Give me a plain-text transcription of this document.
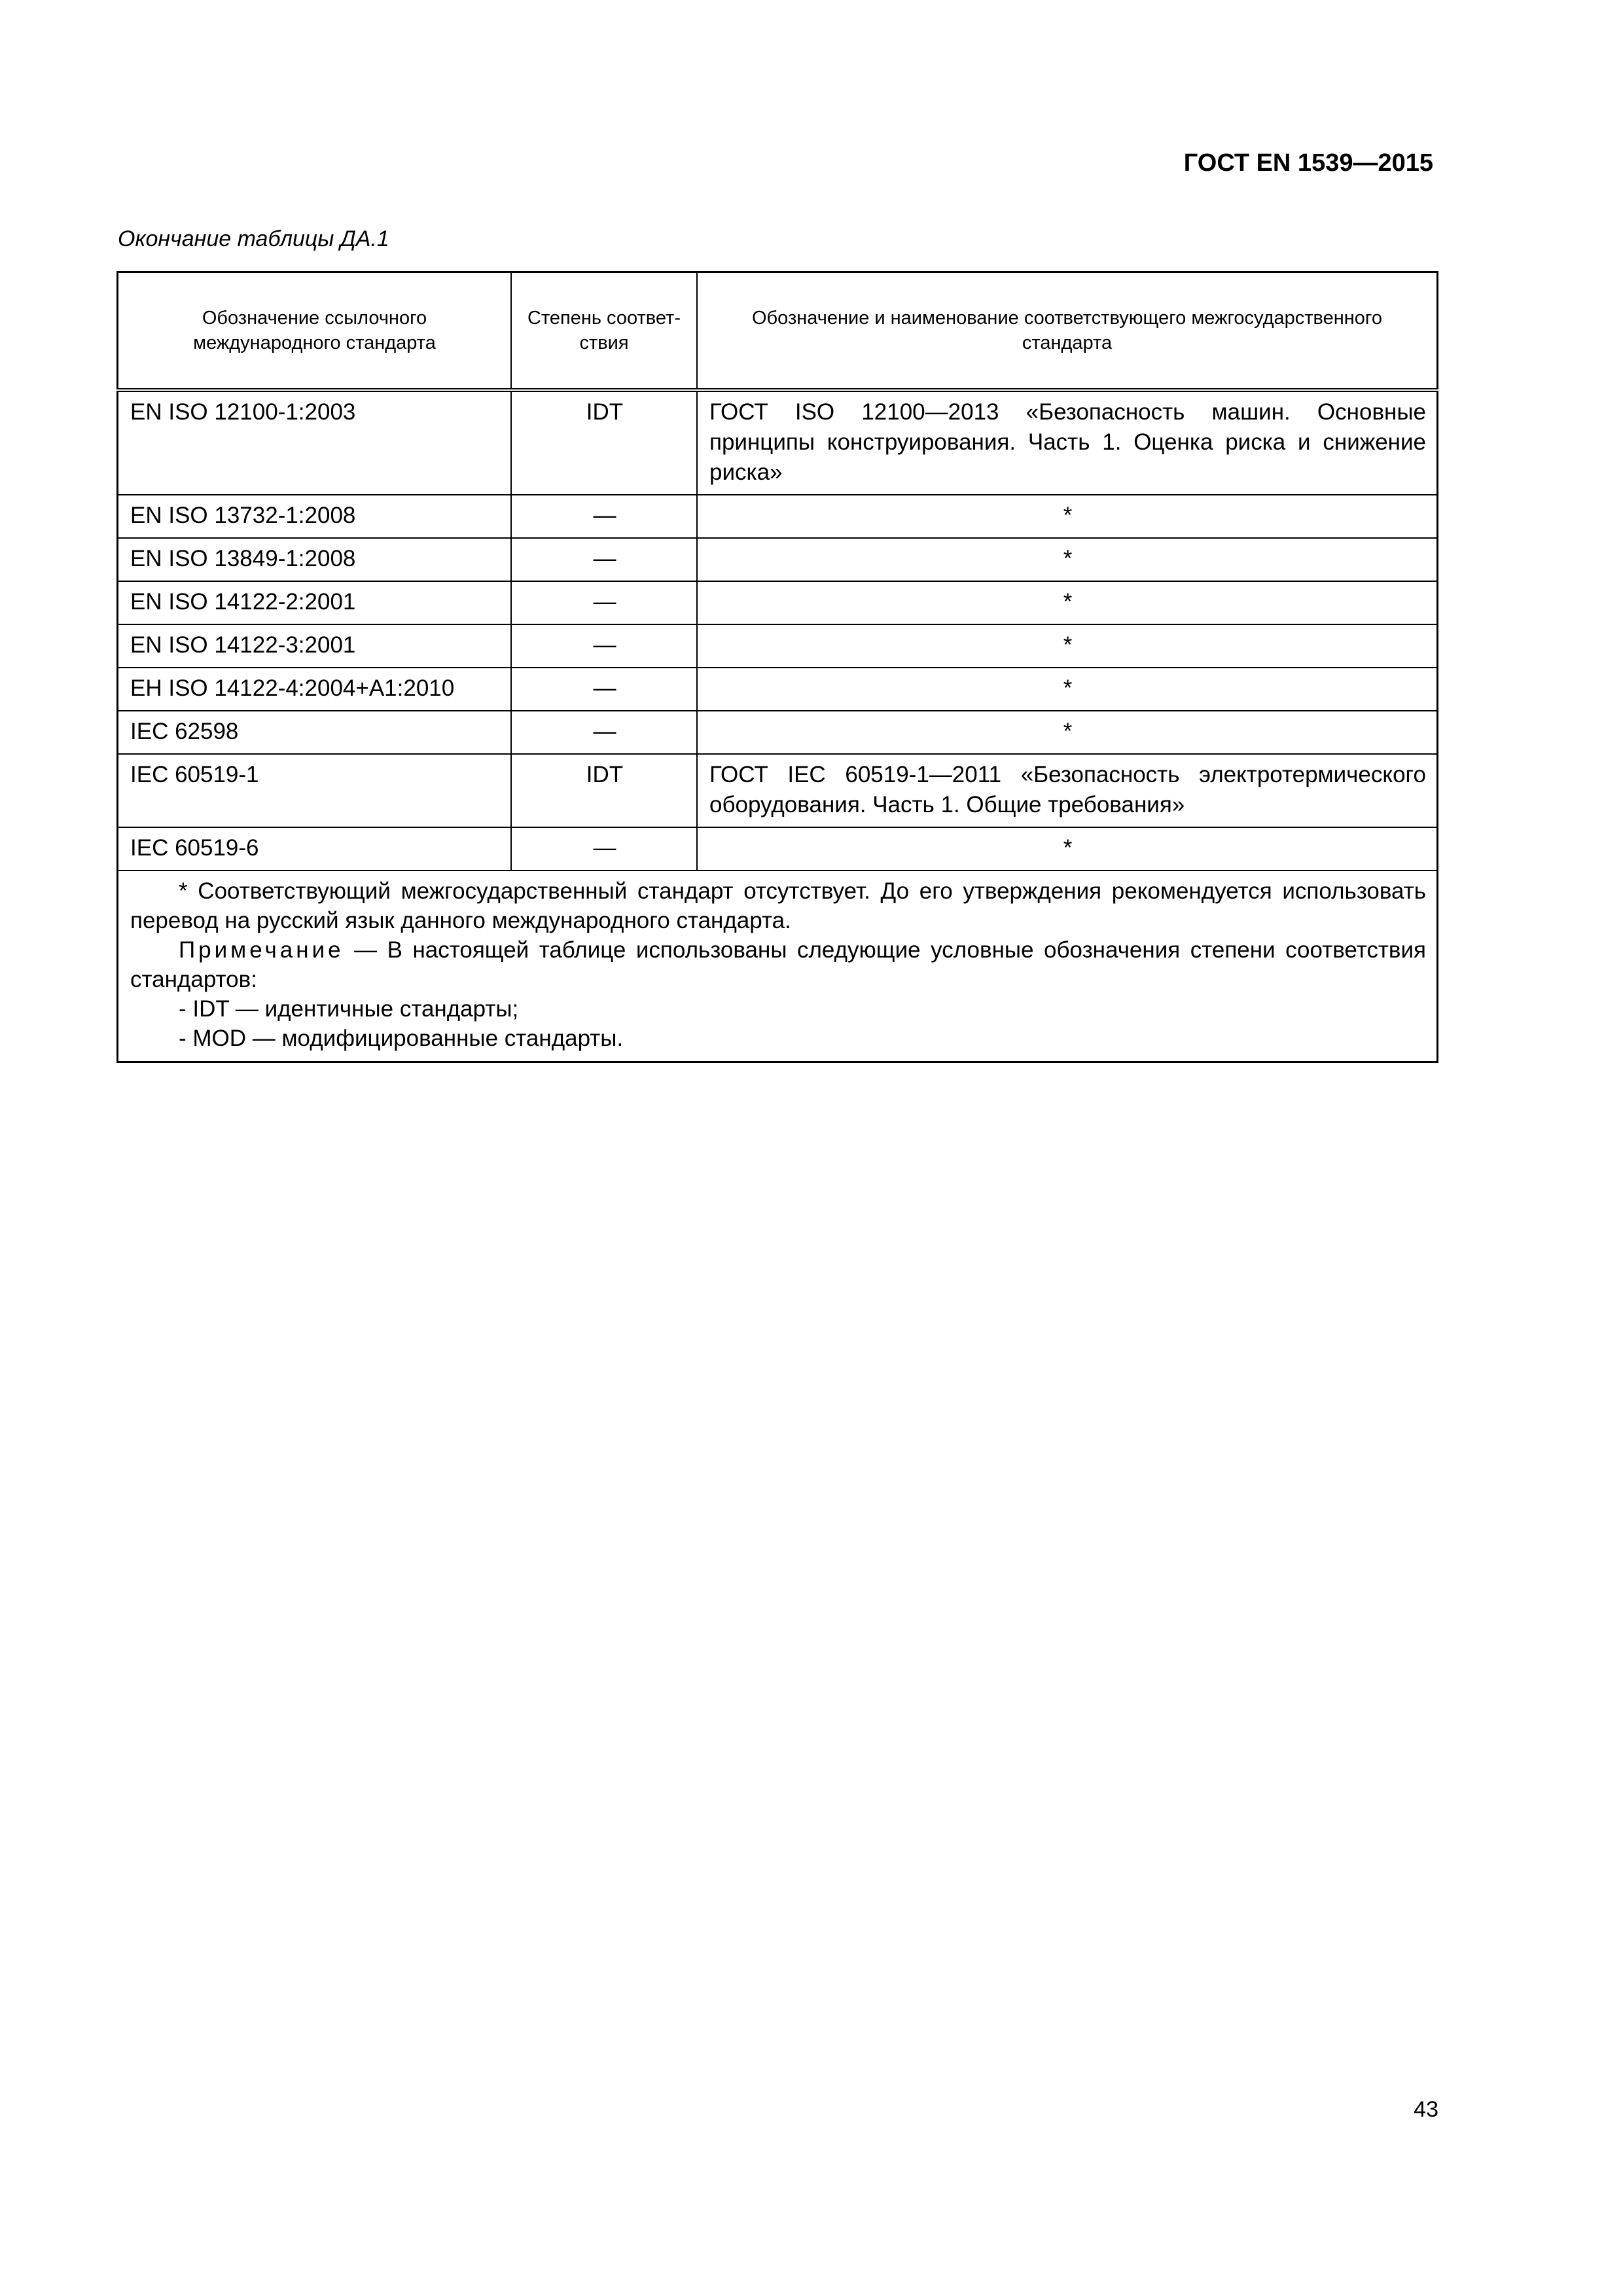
ГОСТ EN 1539—2015
Окончание таблицы ДА.1
Обозначение ссылочного международного стандарта	Степень соответ-ствия	Обозначение и наименование соответствующего межгосударственного стандарта
EN ISO 12100-1:2003	IDT	ГОСТ ISO 12100—2013 «Безопасность машин. Основные принципы конструирования. Часть 1. Оценка риска и снижение риска»
EN ISO 13732-1:2008	—	*
EN ISO 13849-1:2008	—	*
EN ISO 14122-2:2001	—	*
EN ISO 14122-3:2001	—	*
EH ISO 14122-4:2004+A1:2010	—	*
IEC 62598	—	*
IEC 60519-1	IDT	ГОСТ IEC 60519-1—2011 «Безопасность электротермического оборудования. Часть 1. Общие требования»
IEC 60519-6	—	*

* Соответствующий межгосударственный стандарт отсутствует. До его утверждения рекомендуется использовать перевод на русский язык данного международного стандарта.

Примечание — В настоящей таблице использованы следующие условные обозначения степени соответствия стандартов:

- IDT — идентичные стандарты;

- MOD — модифицированные стандарты.		

43
